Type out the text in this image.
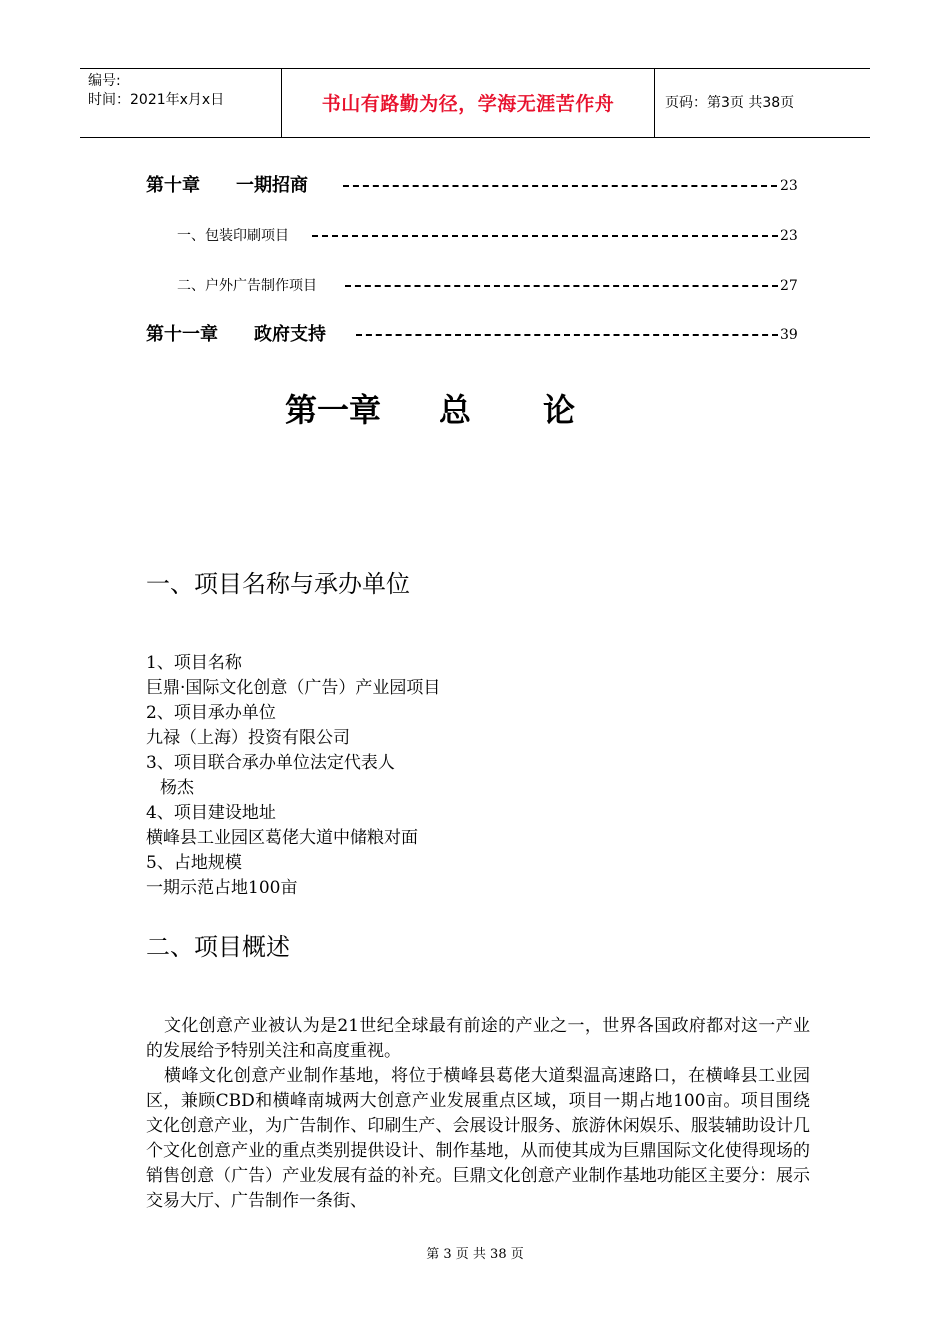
编号:
时间：2021年x月x日	书山有路勤为径，学海无涯苦作舟	页码：第3页 共38页
第十章　　一期招商	23
一、包装印刷项目	23
二、户外广告制作项目	27
第十一章　　政府支持	39
第一章 总 论
一、项目名称与承办单位
1、项目名称
巨鼎·国际文化创意（广告）产业园项目
2、项目承办单位
九禄（上海）投资有限公司
3、项目联合承办单位法定代表人
杨杰
4、项目建设地址
横峰县工业园区葛佬大道中储粮对面
5、占地规模
一期示范占地100亩
二、项目概述

文化创意产业被认为是21世纪全球最有前途的产业之一，世界各国政府都对这一产业的发展给予特别关注和高度重视。

横峰文化创意产业制作基地，将位于横峰县葛佬大道梨温高速路口，在横峰县工业园区，兼顾CBD和横峰南城两大创意产业发展重点区域，项目一期占地100亩。项目围绕文化创意产业，为广告制作、印刷生产、会展设计服务、旅游休闲娱乐、服装辅助设计几个文化创意产业的重点类别提供设计、制作基地，从而使其成为巨鼎国际文化使得现场的销售创意（广告）产业发展有益的补充。巨鼎文化创意产业制作基地功能区主要分：展示交易大厅、广告制作一条街、

第 3 页 共 38 页
